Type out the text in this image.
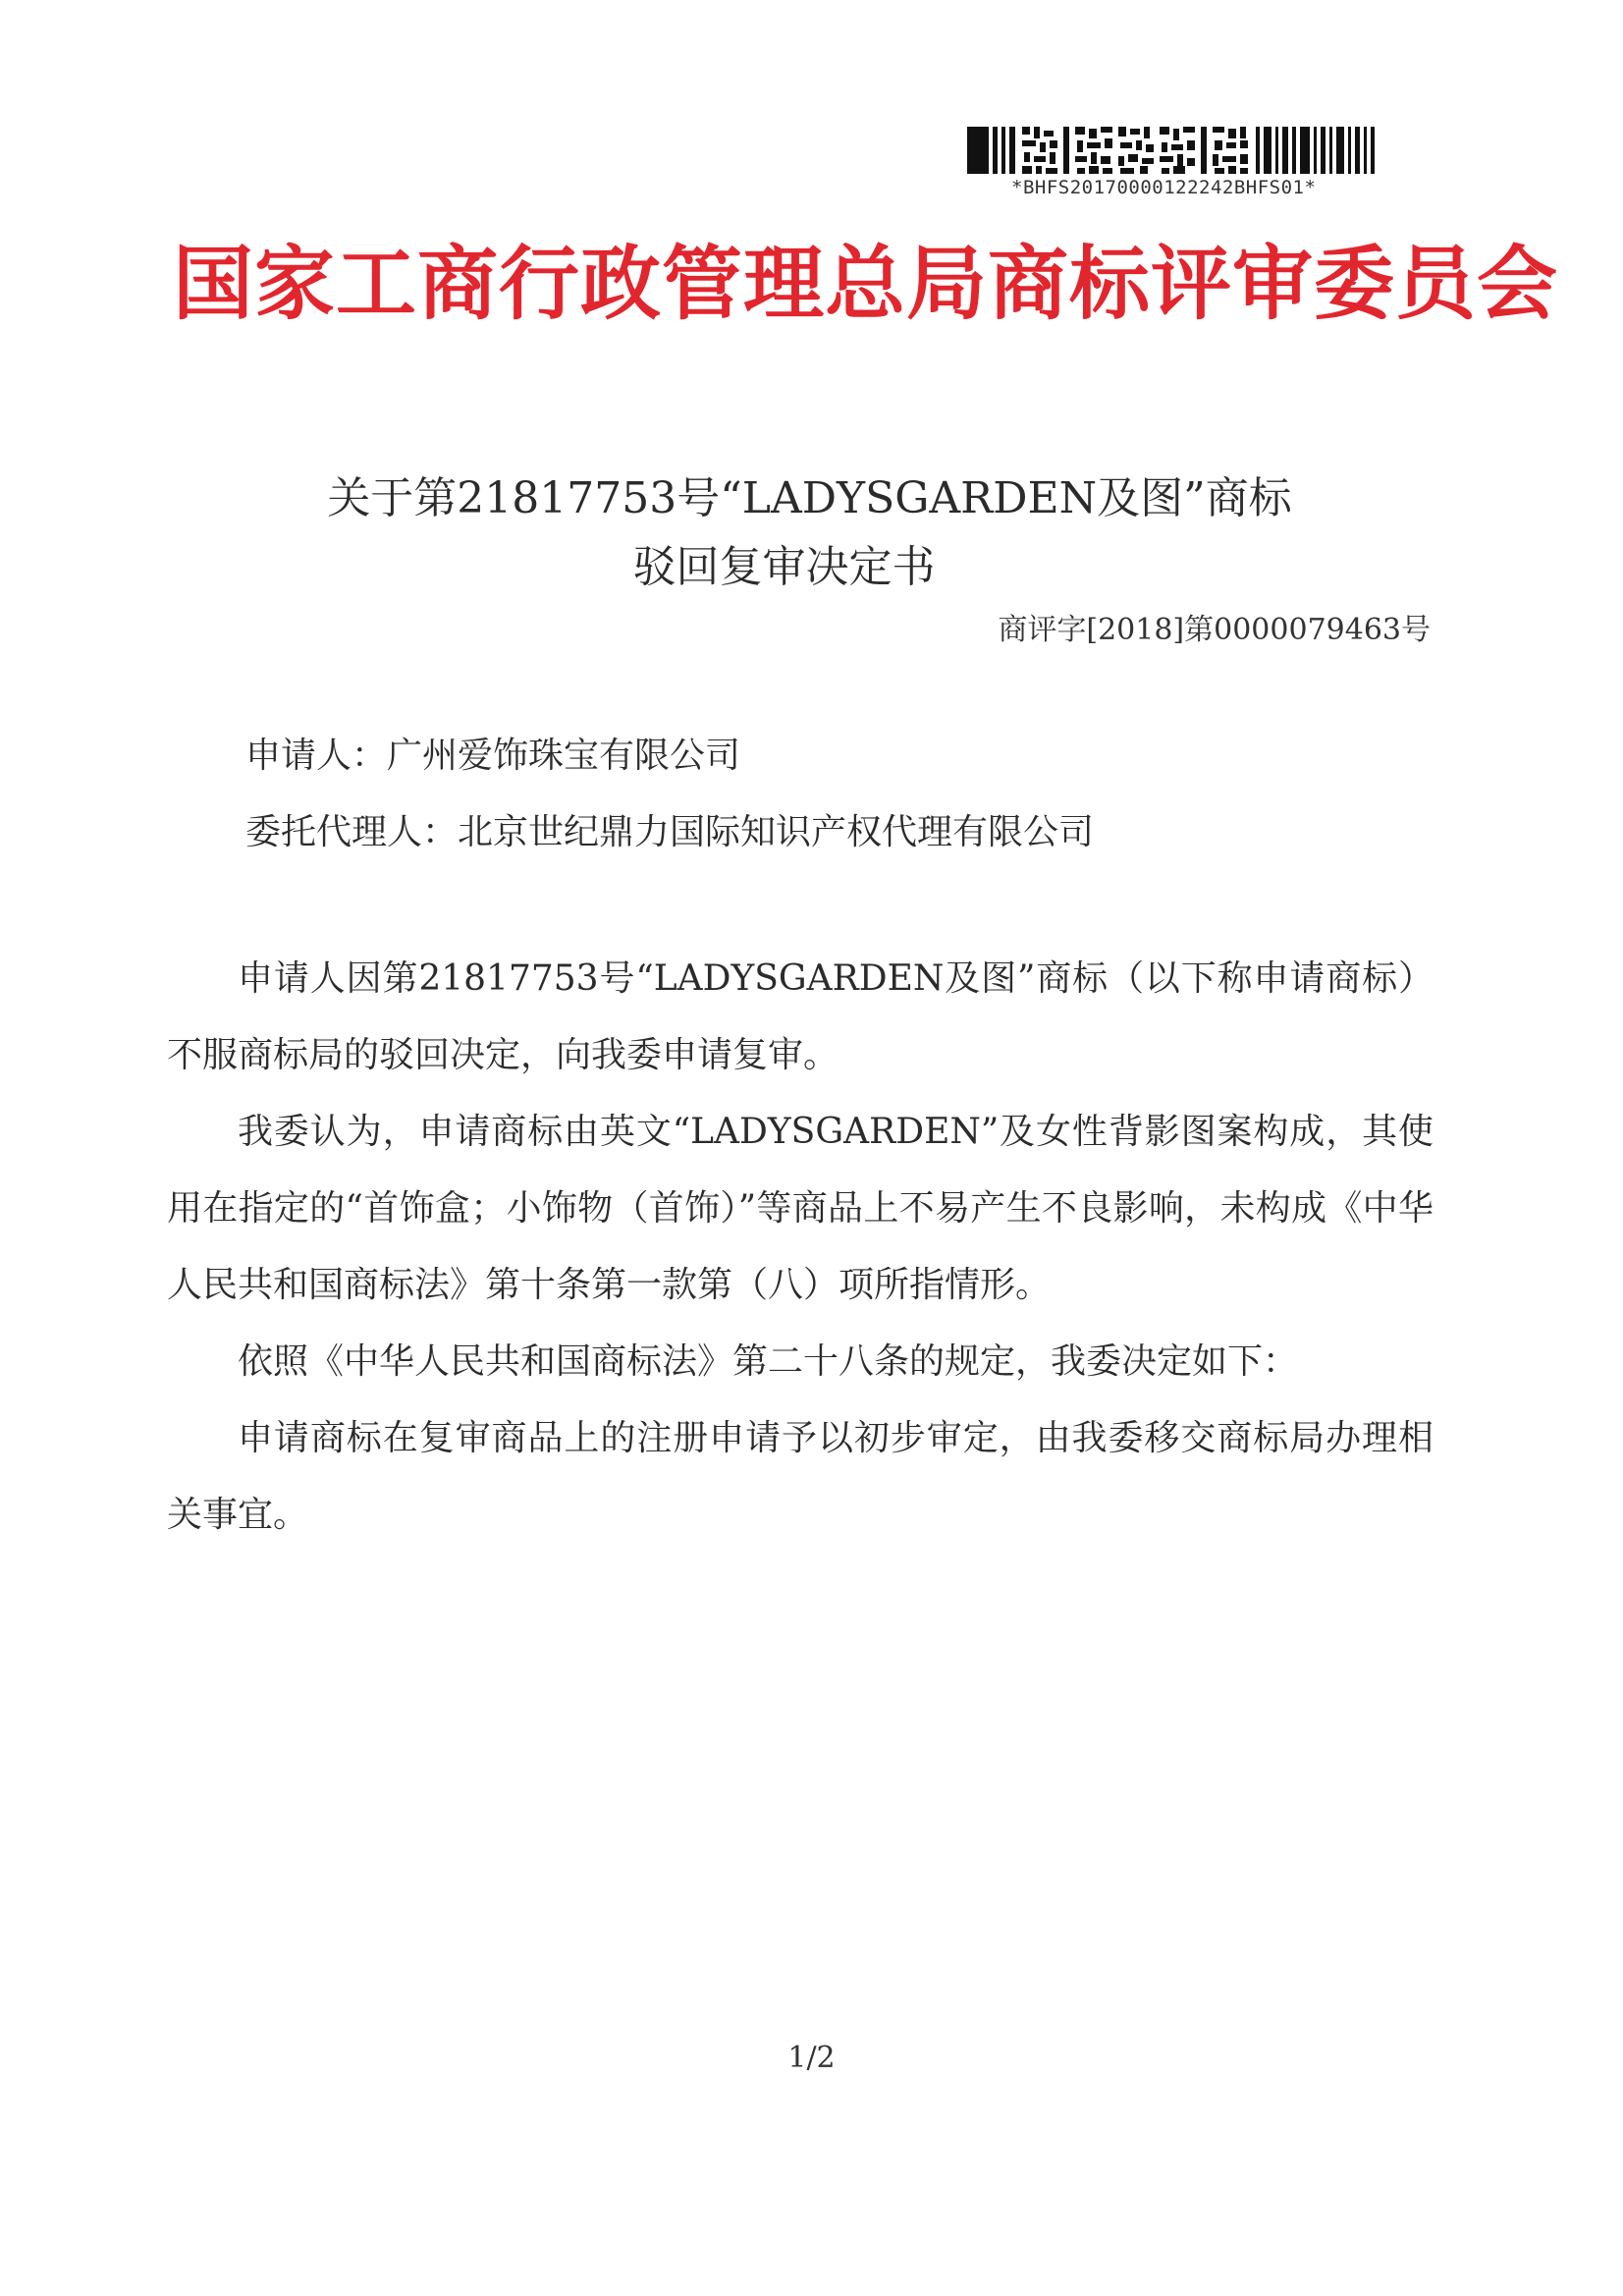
*BHFS20170000122242BHFS01*
国家工商行政管理总局商标评审委员会
关于第21817753号“LADYSGARDEN及图”商标
驳回复审决定书
商评字[2018]第0000079463号
申请人：广州爱饰珠宝有限公司
委托代理人：北京世纪鼎力国际知识产权代理有限公司

申请人因第21817753号“LADYSGARDEN及图”商标（以下称申请商标）不服商标局的驳回决定，向我委申请复审。

我委认为，申请商标由英文“LADYSGARDEN”及女性背影图案构成，其使用在指定的“首饰盒；小饰物（首饰）”等商品上不易产生不良影响，未构成《中华人民共和国商标法》第十条第一款第（八）项所指情形。

依照《中华人民共和国商标法》第二十八条的规定，我委决定如下：

申请商标在复审商品上的注册申请予以初步审定，由我委移交商标局办理相关事宜。

1/2
